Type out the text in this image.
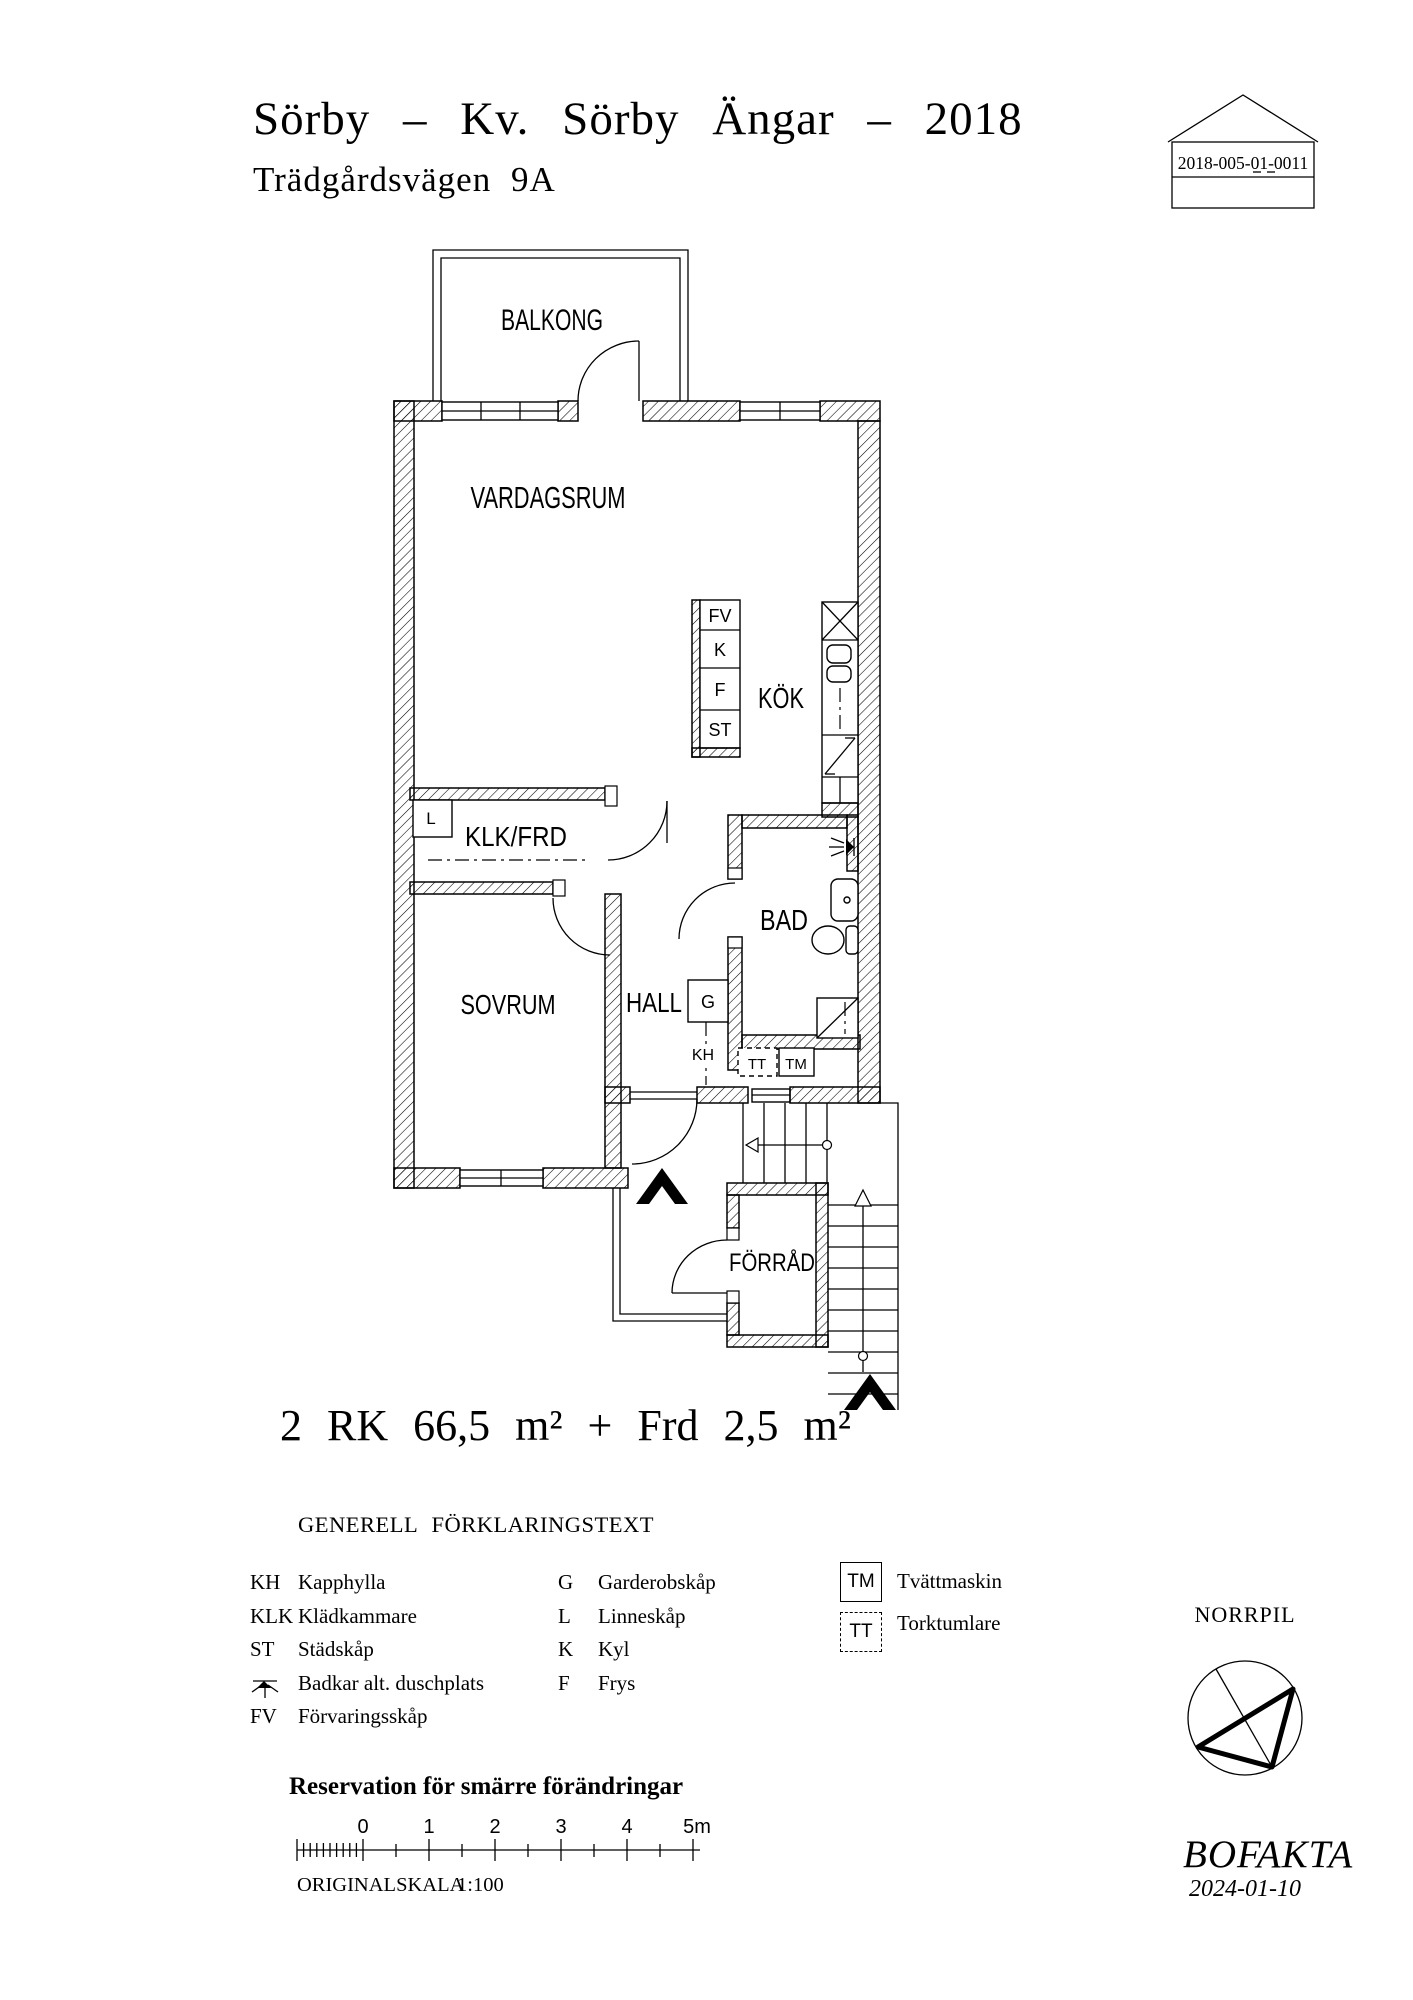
Sörby – Kv. Sörby Ängar – 2018
Trädgårdsvägen 9A	2018-005-01-0011
BALKONG
VARDAGSRUM
FV
K
F
ST
KÖK
L
KLK/FRD
SOVRUM	HALL
BAD
TT TM
G
KH
FÖRRÅD
0	1	2	3	4	5m
2 RK 66,5 m² + Frd 2,5 m²
GENERELL FÖRKLARINGSTEXT
KH Kapphylla
KLK Klädkammare
ST Städskåp
Badkar alt. duschplats
FV Förvaringsskåp
G Garderobskåp
L Linneskåp
K Kyl
F Frys
TM Tvättmaskin
TT Torktumlare	NORRPIL
Reservation för smärre förändringar
ORIGINALSKALA
1:100
BOFAKTA
2024-01-10
